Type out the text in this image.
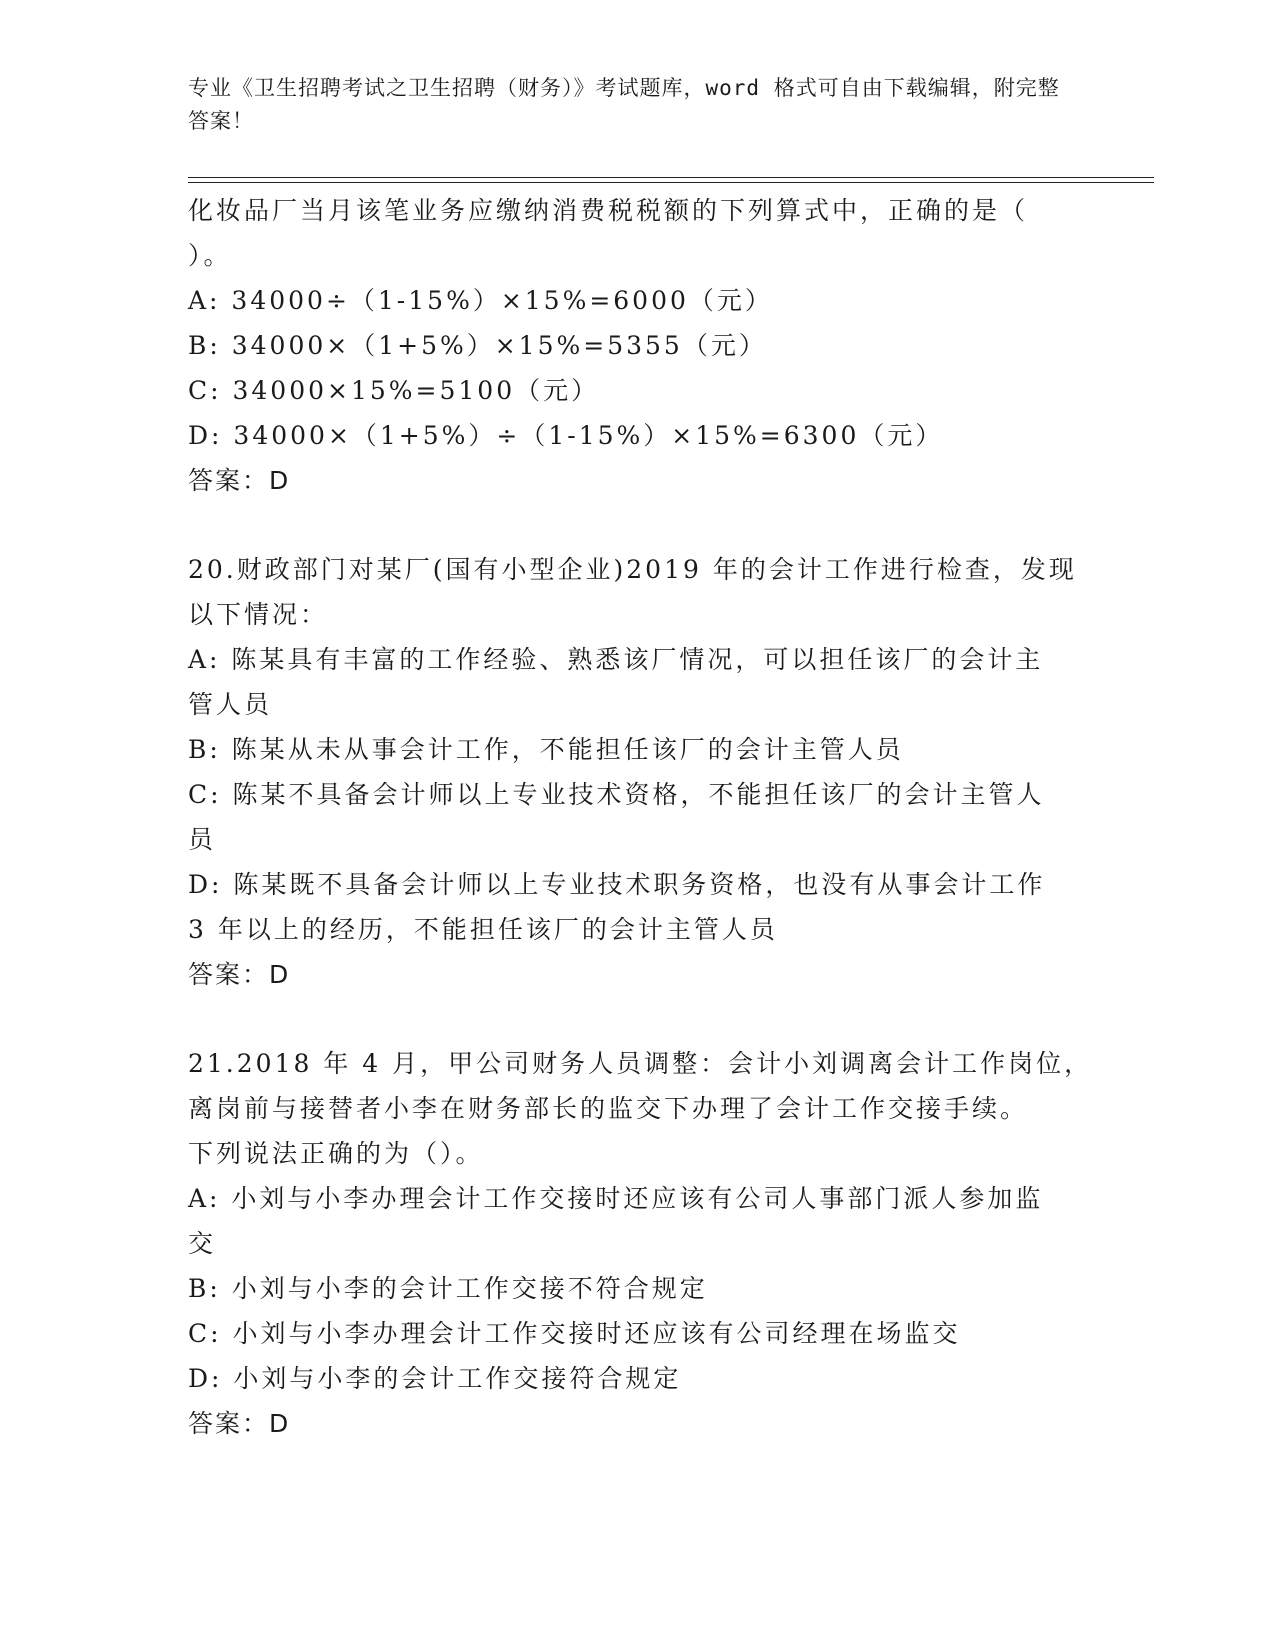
专业《卫生招聘考试之卫生招聘（财务）》考试题库，word 格式可自由下载编辑，附完整答案！
化妆品厂当月该笔业务应缴纳消费税税额的下列算式中，正确的是（
）。
A: 34000÷（1-15%）×15%=6000（元）
B: 34000×（1+5%）×15%=5355（元）
C: 34000×15%=5100（元）
D: 34000×（1+5%）÷（1-15%）×15%=6300（元）
答案：D
20.财政部门对某厂(国有小型企业)2019 年的会计工作进行检查，发现
以下情况：
A: 陈某具有丰富的工作经验、熟悉该厂情况，可以担任该厂的会计主
管人员
B: 陈某从未从事会计工作，不能担任该厂的会计主管人员
C: 陈某不具备会计师以上专业技术资格，不能担任该厂的会计主管人
员
D: 陈某既不具备会计师以上专业技术职务资格，也没有从事会计工作
3 年以上的经历，不能担任该厂的会计主管人员
答案：D
21.2018 年 4 月，甲公司财务人员调整：会计小刘调离会计工作岗位，
离岗前与接替者小李在财务部长的监交下办理了会计工作交接手续。
下列说法正确的为（）。
A: 小刘与小李办理会计工作交接时还应该有公司人事部门派人参加监
交
B: 小刘与小李的会计工作交接不符合规定
C: 小刘与小李办理会计工作交接时还应该有公司经理在场监交
D: 小刘与小李的会计工作交接符合规定
答案：D
